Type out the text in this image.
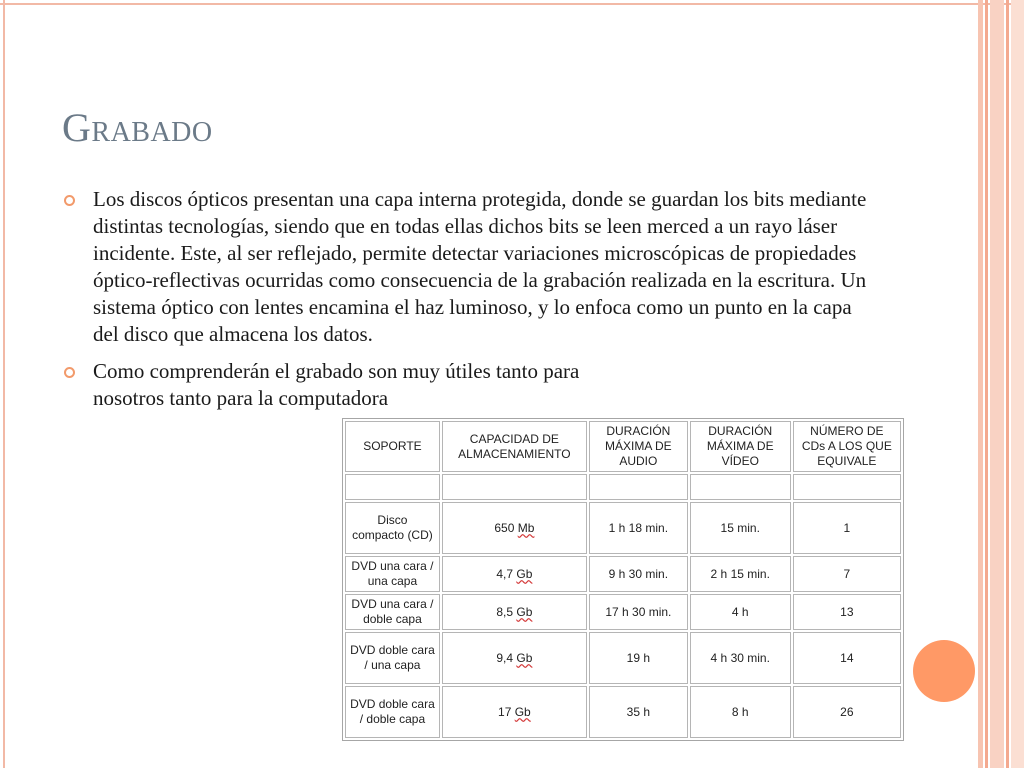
Grabado
Los discos ópticos presentan una capa interna protegida, donde se guardan los bits mediante distintas tecnologías, siendo que en todas ellas dichos bits se leen merced a un rayo láser incidente. Este, al ser reflejado, permite detectar variaciones microscópicas de propiedades óptico-reflectivas ocurridas como consecuencia de la grabación realizada en la escritura. Un sistema óptico con lentes encamina el haz luminoso, y lo enfoca como un punto en la capa del disco que almacena los datos.
Como comprenderán el grabado son muy útiles tanto para nosotros tanto para la computadora
SOPORTE	CAPACIDAD DE ALMACENAMIENTO	DURACIÓN MÁXIMA DE AUDIO	DURACIÓN MÁXIMA DE VÍDEO	NÚMERO DE CDs A LOS QUE EQUIVALE

Disco compacto (CD)	650 Mb	1 h 18 min.	15 min.	1
DVD una cara / una capa	4,7 Gb	9 h 30 min.	2 h 15 min.	7
DVD una cara / doble capa	8,5 Gb	17 h 30 min.	4 h	13
DVD doble cara / una capa	9,4 Gb	19 h	4 h 30 min.	14
DVD doble cara / doble capa	17 Gb	35 h	8 h	26
